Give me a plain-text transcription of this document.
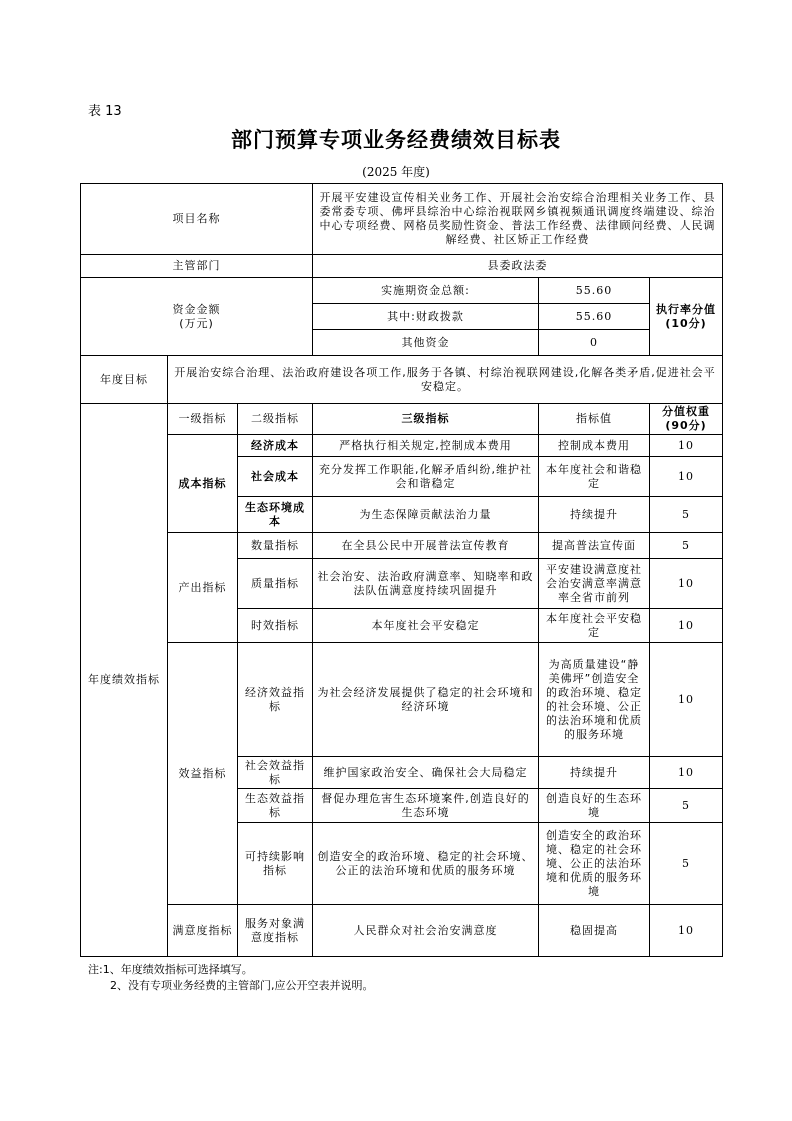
表 13
部门预算专项业务经费绩效目标表
(2025 年度)
项目名称			开展平安建设宣传相关业务工作、开展社会治安综合治理相关业务工作、县委常委专项、佛坪县综治中心综治视联网乡镇视频通讯调度终端建设、综治中心专项经费、网格员奖励性资金、普法工作经费、法律顾问经费、人民调解经费、社区矫正工作经费		
主管部门			县委政法委		

资金金额
(万元)			实施期资金总额:	55.60	执行率分值(10分)
			其中:财政拨款	55.60	
			其他资金	0	
年度目标	开展治安综合治理、法治政府建设各项工作,服务于各镇、村综治视联网建设,化解各类矛盾,促进社会平安稳定。				
年度绩效指标	一级指标	二级指标	三级指标	指标值	分值权重(90分)
	成本指标	经济成本	严格执行相关规定,控制成本费用	控制成本费用	10
		社会成本	充分发挥工作职能,化解矛盾纠纷,维护社会和谐稳定	本年度社会和谐稳定	10
		生态环境成本	为生态保障贡献法治力量	持续提升	5
	产出指标	数量指标	在全县公民中开展普法宣传教育	提高普法宣传面	5
		质量指标	社会治安、法治政府满意率、知晓率和政法队伍满意度持续巩固提升	平安建设满意度社会治安满意率满意率全省市前列	10
		时效指标	本年度社会平安稳定	本年度社会平安稳定	10
	效益指标	经济效益指标	为社会经济发展提供了稳定的社会环境和经济环境	为高质量建设“静美佛坪”创造安全的政治环境、稳定的社会环境、公正的法治环境和优质的服务环境	10
		社会效益指标	维护国家政治安全、确保社会大局稳定	持续提升	10
		生态效益指标	督促办理危害生态环境案件,创造良好的生态环境	创造良好的生态环境	5
		可持续影响指标	创造安全的政治环境、稳定的社会环境、公正的法治环境和优质的服务环境	创造安全的政治环境、稳定的社会环境、公正的法治环境和优质的服务环境	5
	满意度指标	服务对象满意度指标	人民群众对社会治安满意度	稳固提高	10
注:1、年度绩效指标可选择填写。
2、没有专项业务经费的主管部门,应公开空表并说明。
